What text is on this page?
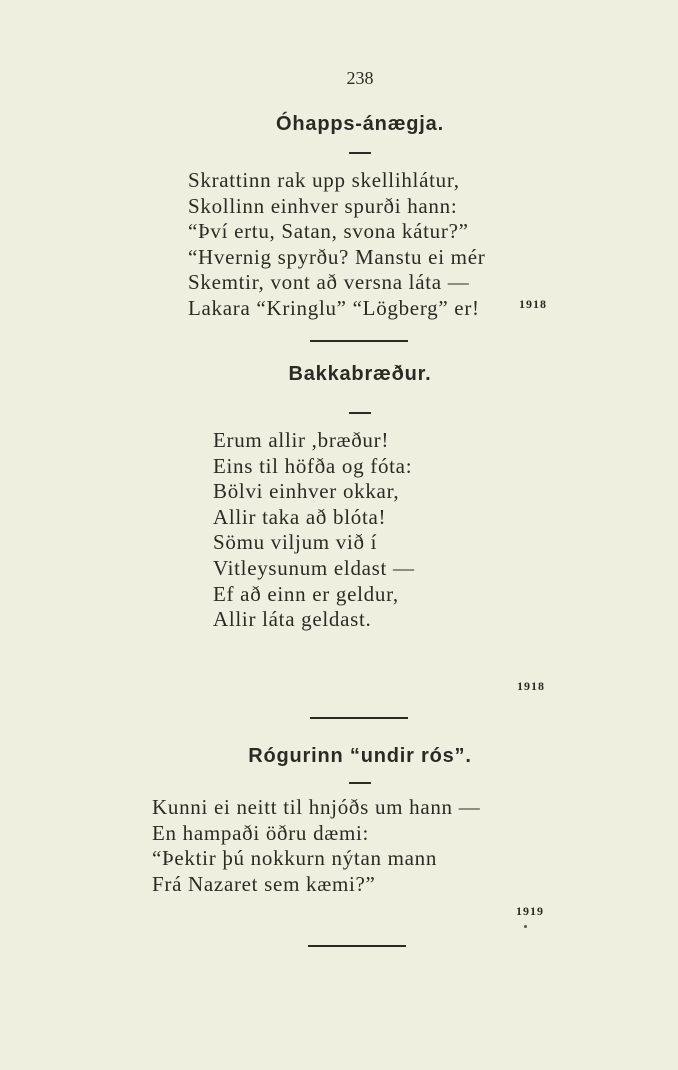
238
Óhapps-ánægja.
Skrattinn rak upp skellihlátur,
Skollinn einhver spurði hann:
“Því ertu, Satan, svona kátur?”
“Hvernig spyrðu? Manstu ei mér
Skemtir, vont að versna láta —
Lakara “Kringlu” “Lögberg” er!	1918
Bakkabræður.
Erum allir ,bræður!
Eins til höfða og fóta:
Bölvi einhver okkar,
Allir taka að blóta!
Sömu viljum við í
Vitleysunum eldast —
Ef að einn er geldur,
Allir láta geldast.
1918
Rógurinn “undir rós”.
Kunni ei neitt til hnjóðs um hann —
En hampaði öðru dæmi:
“Þektir þú nokkurn nýtan mann
Frá Nazaret sem kæmi?”
1919
